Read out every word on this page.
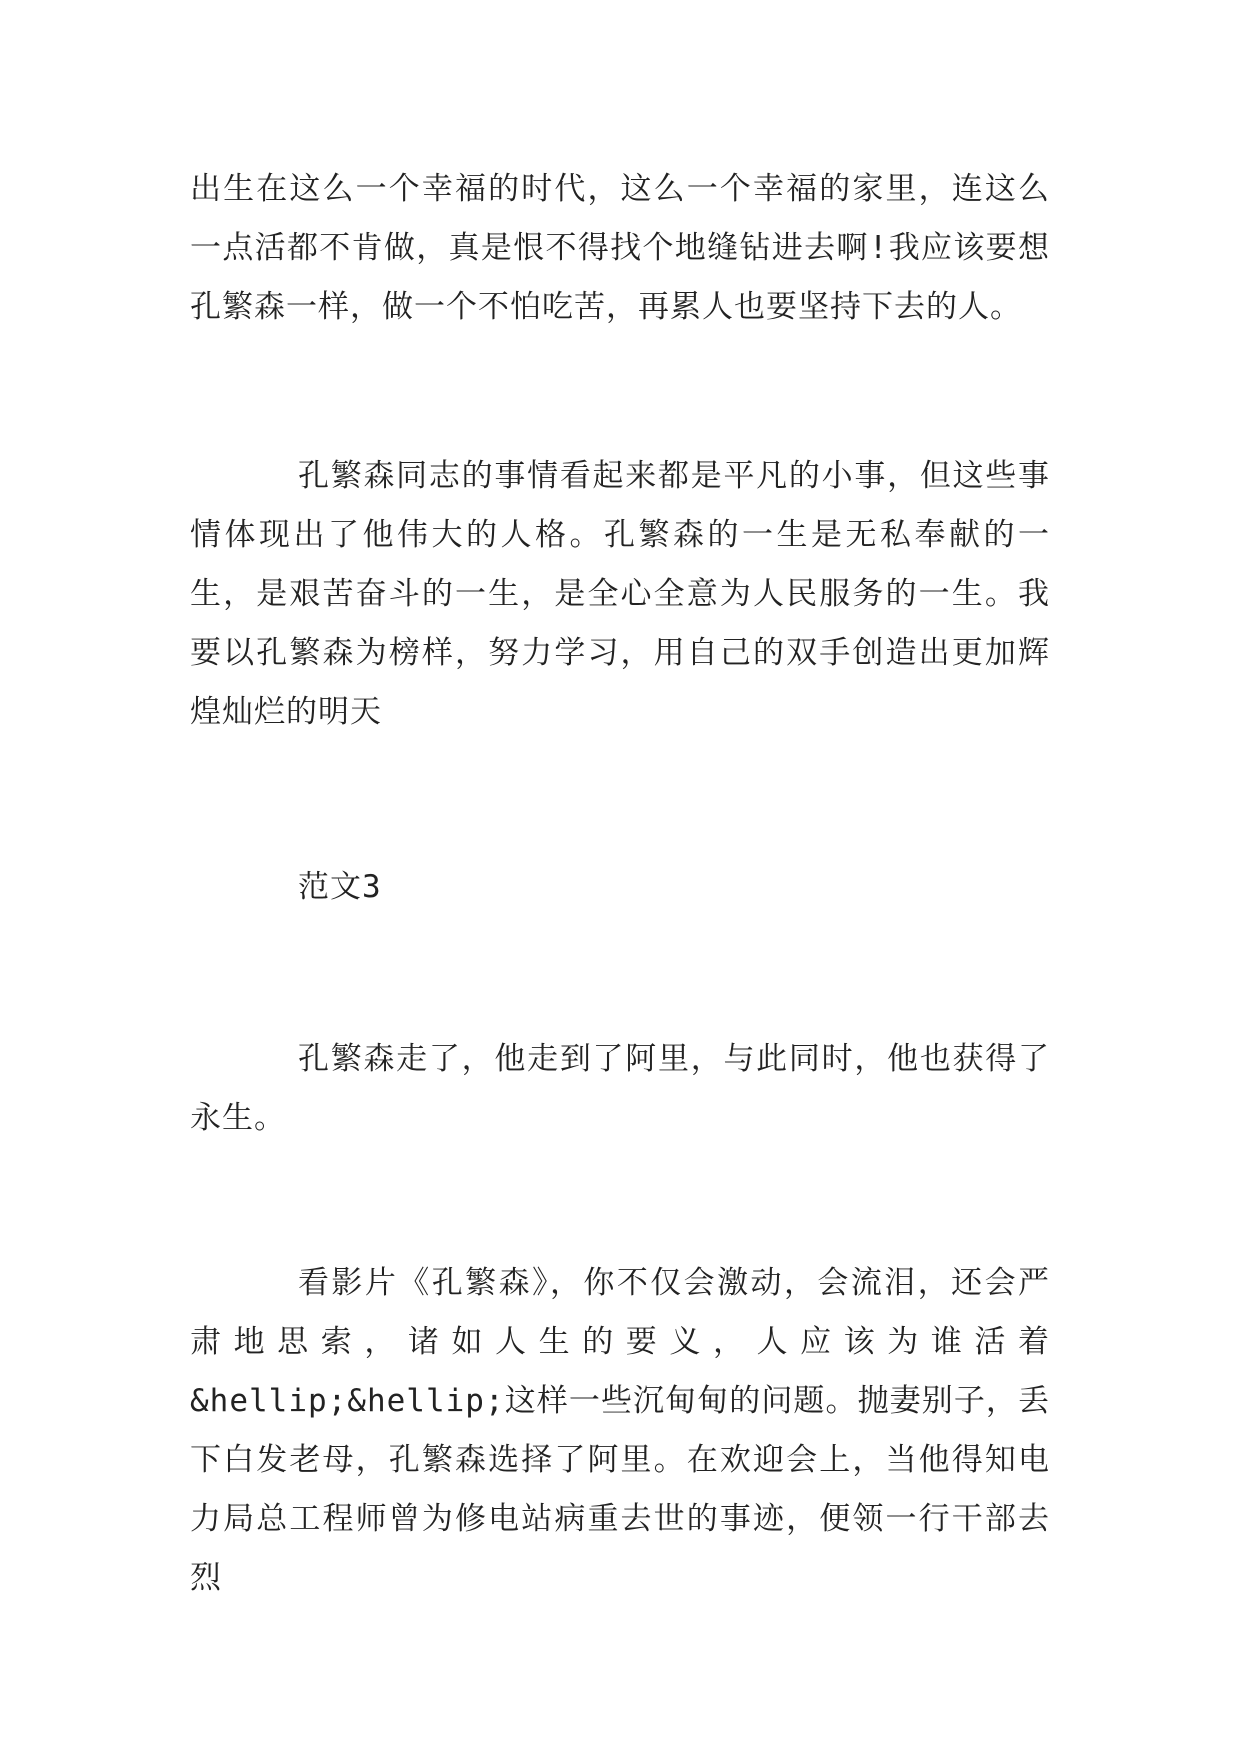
出生在这么一个幸福的时代，这么一个幸福的家里，连这么一点活都不肯做，真是恨不得找个地缝钻进去啊!我应该要想孔繁森一样，做一个不怕吃苦，再累人也要坚持下去的人。

孔繁森同志的事情看起来都是平凡的小事，但这些事情体现出了他伟大的人格。孔繁森的一生是无私奉献的一生，是艰苦奋斗的一生，是全心全意为人民服务的一生。我要以孔繁森为榜样，努力学习，用自己的双手创造出更加辉煌灿烂的明天

范文3

孔繁森走了，他走到了阿里，与此同时，他也获得了永生。

看影片《孔繁森》，你不仅会激动，会流泪，还会严
肃地思索，诸如人生的要义，人应该为谁活着
&hellip;&hellip;这样一些沉甸甸的问题。抛妻别子，丢下白发老母，孔繁森选择了阿里。在欢迎会上，当他得知电力局总工程师曾为修电站病重去世的事迹，便领一行干部去烈
